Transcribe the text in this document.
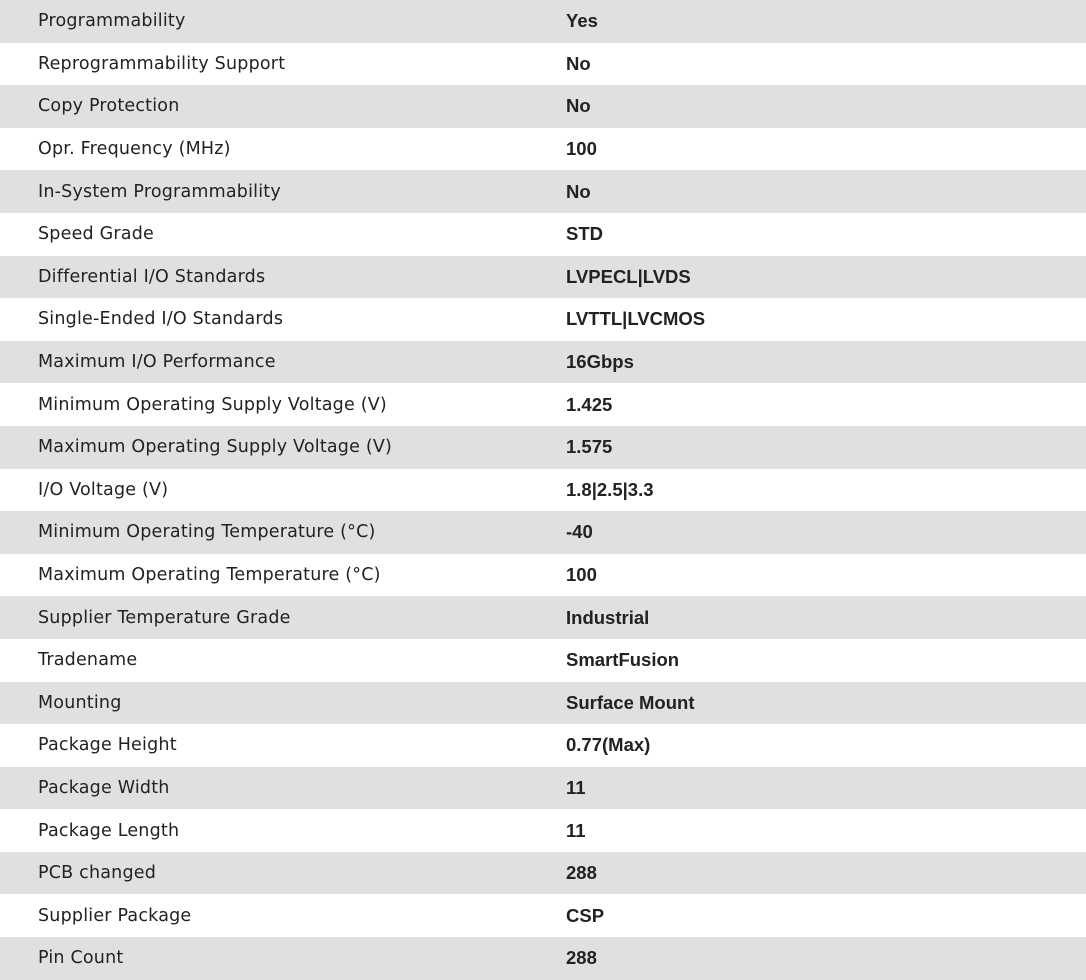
Programmability	Yes
Reprogrammability Support	No
Copy Protection	No
Opr. Frequency (MHz)	100
In-System Programmability	No
Speed Grade	STD
Differential I/O Standards	LVPECL|LVDS
Single-Ended I/O Standards	LVTTL|LVCMOS
Maximum I/O Performance	16Gbps
Minimum Operating Supply Voltage (V)	1.425
Maximum Operating Supply Voltage (V)	1.575
I/O Voltage (V)	1.8|2.5|3.3
Minimum Operating Temperature (°C)	-40
Maximum Operating Temperature (°C)	100
Supplier Temperature Grade	Industrial
Tradename	SmartFusion
Mounting	Surface Mount
Package Height	0.77(Max)
Package Width	11
Package Length	11
PCB changed	288
Supplier Package	CSP
Pin Count	288
